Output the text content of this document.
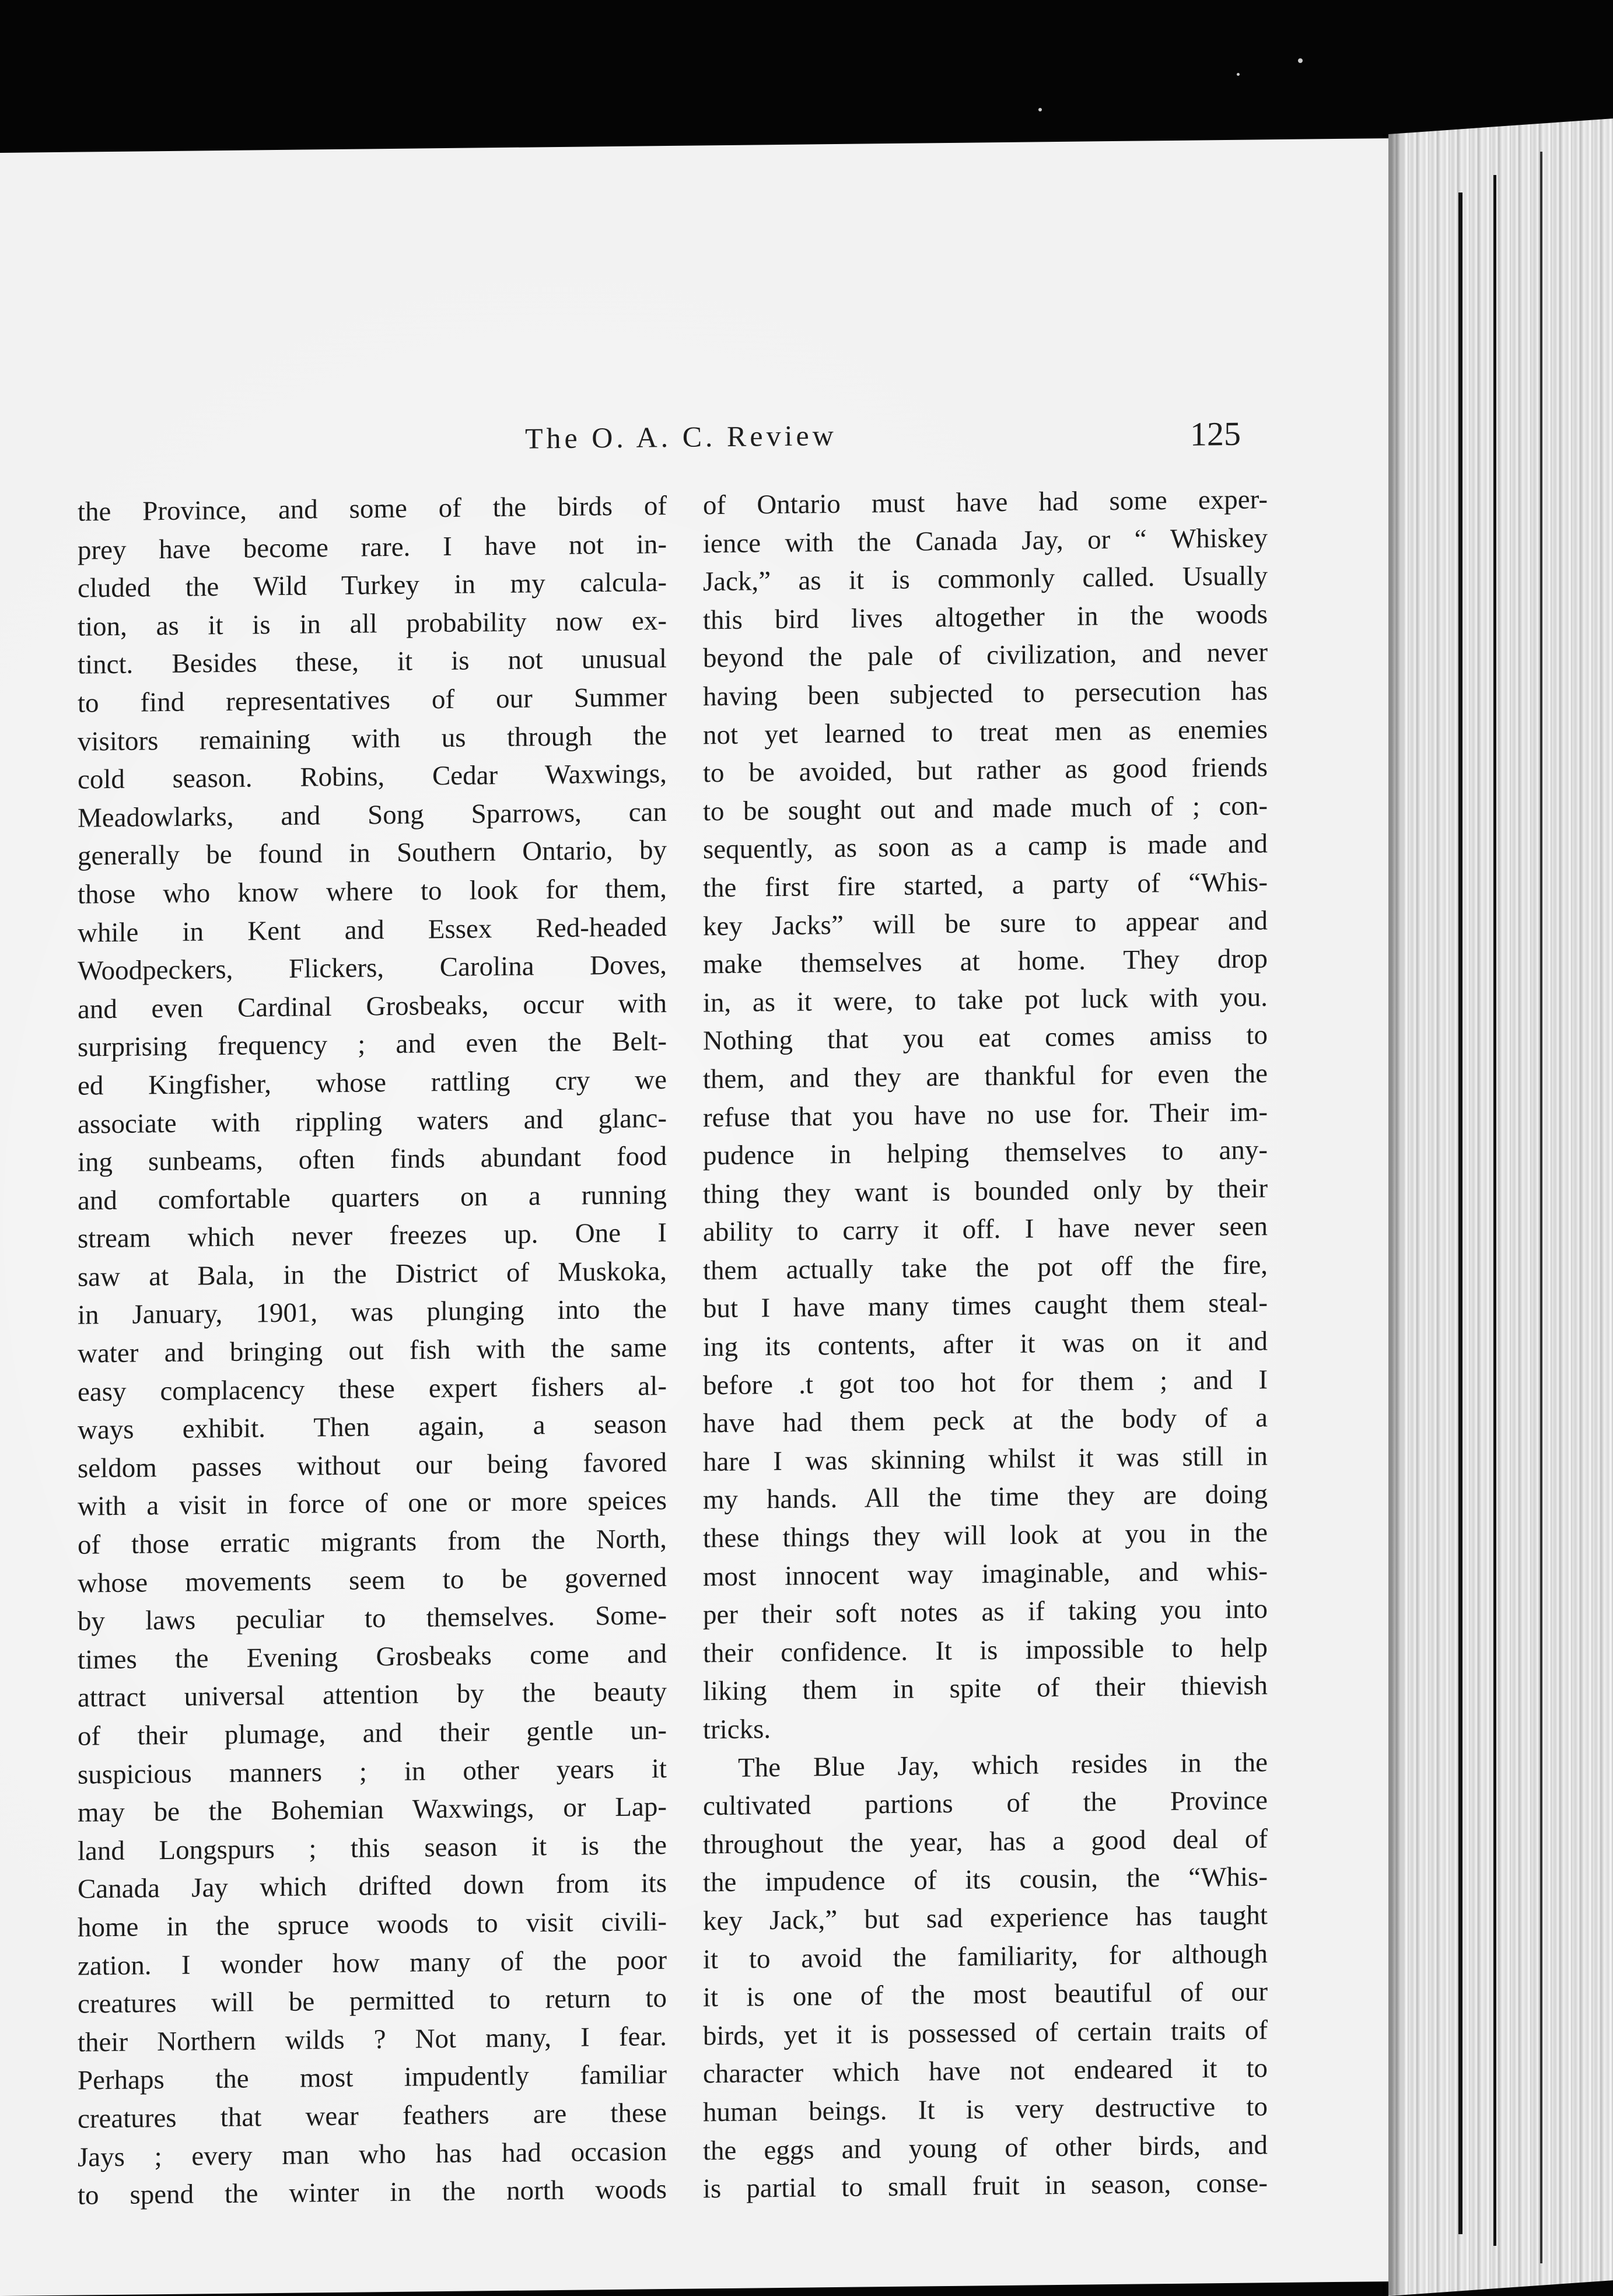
The O. A. C. Review	125
the Province, and some of the birds of
prey have become rare. I have not in-
cluded the Wild Turkey in my calcula-
tion, as it is in all probability now ex-
tinct. Besides these, it is not unusual
to find representatives of our Summer
visitors remaining with us through the
cold season. Robins, Cedar Waxwings,
Meadowlarks, and Song Sparrows, can
generally be found in Southern Ontario, by
those who know where to look for them,
while in Kent and Essex Red-headed
Woodpeckers, Flickers, Carolina Doves,
and even Cardinal Grosbeaks, occur with
surprising frequency ; and even the Belt-
ed Kingfisher, whose rattling cry we
associate with rippling waters and glanc-
ing sunbeams, often finds abundant food
and comfortable quarters on a running
stream which never freezes up. One I
saw at Bala, in the District of Muskoka,
in January, 1901, was plunging into the
water and bringing out fish with the same
easy complacency these expert fishers al-
ways exhibit. Then again, a season
seldom passes without our being favored
with a visit in force of one or more speices
of those erratic migrants from the North,
whose movements seem to be governed
by laws peculiar to themselves. Some-
times the Evening Grosbeaks come and
attract universal attention by the beauty
of their plumage, and their gentle un-
suspicious manners ; in other years it
may be the Bohemian Waxwings, or Lap-
land Longspurs ; this season it is the
Canada Jay which drifted down from its
home in the spruce woods to visit civili-
zation. I wonder how many of the poor
creatures will be permitted to return to
their Northern wilds ? Not many, I fear.
Perhaps the most impudently familiar
creatures that wear feathers are these
Jays ; every man who has had occasion
to spend the winter in the north woods
of Ontario must have had some exper-
ience with the Canada Jay, or “ Whiskey
Jack,” as it is commonly called. Usually
this bird lives altogether in the woods
beyond the pale of civilization, and never
having been subjected to persecution has
not yet learned to treat men as enemies
to be avoided, but rather as good friends
to be sought out and made much of ; con-
sequently, as soon as a camp is made and
the first fire started, a party of “Whis-
key Jacks” will be sure to appear and
make themselves at home. They drop
in, as it were, to take pot luck with you.
Nothing that you eat comes amiss to
them, and they are thankful for even the
refuse that you have no use for. Their im-
pudence in helping themselves to any-
thing they want is bounded only by their
ability to carry it off. I have never seen
them actually take the pot off the fire,
but I have many times caught them steal-
ing its contents, after it was on it and
before .t got too hot for them ; and I
have had them peck at the body of a
hare I was skinning whilst it was still in
my hands. All the time they are doing
these things they will look at you in the
most innocent way imaginable, and whis-
per their soft notes as if taking you into
their confidence. It is impossible to help
liking them in spite of their thievish
tricks.
The Blue Jay, which resides in the
cultivated partions of the Province
throughout the year, has a good deal of
the impudence of its cousin, the “Whis-
key Jack,” but sad experience has taught
it to avoid the familiarity, for although
it is one of the most beautiful of our
birds, yet it is possessed of certain traits of
character which have not endeared it to
human beings. It is very destructive to
the eggs and young of other birds, and
is partial to small fruit in season, conse-
